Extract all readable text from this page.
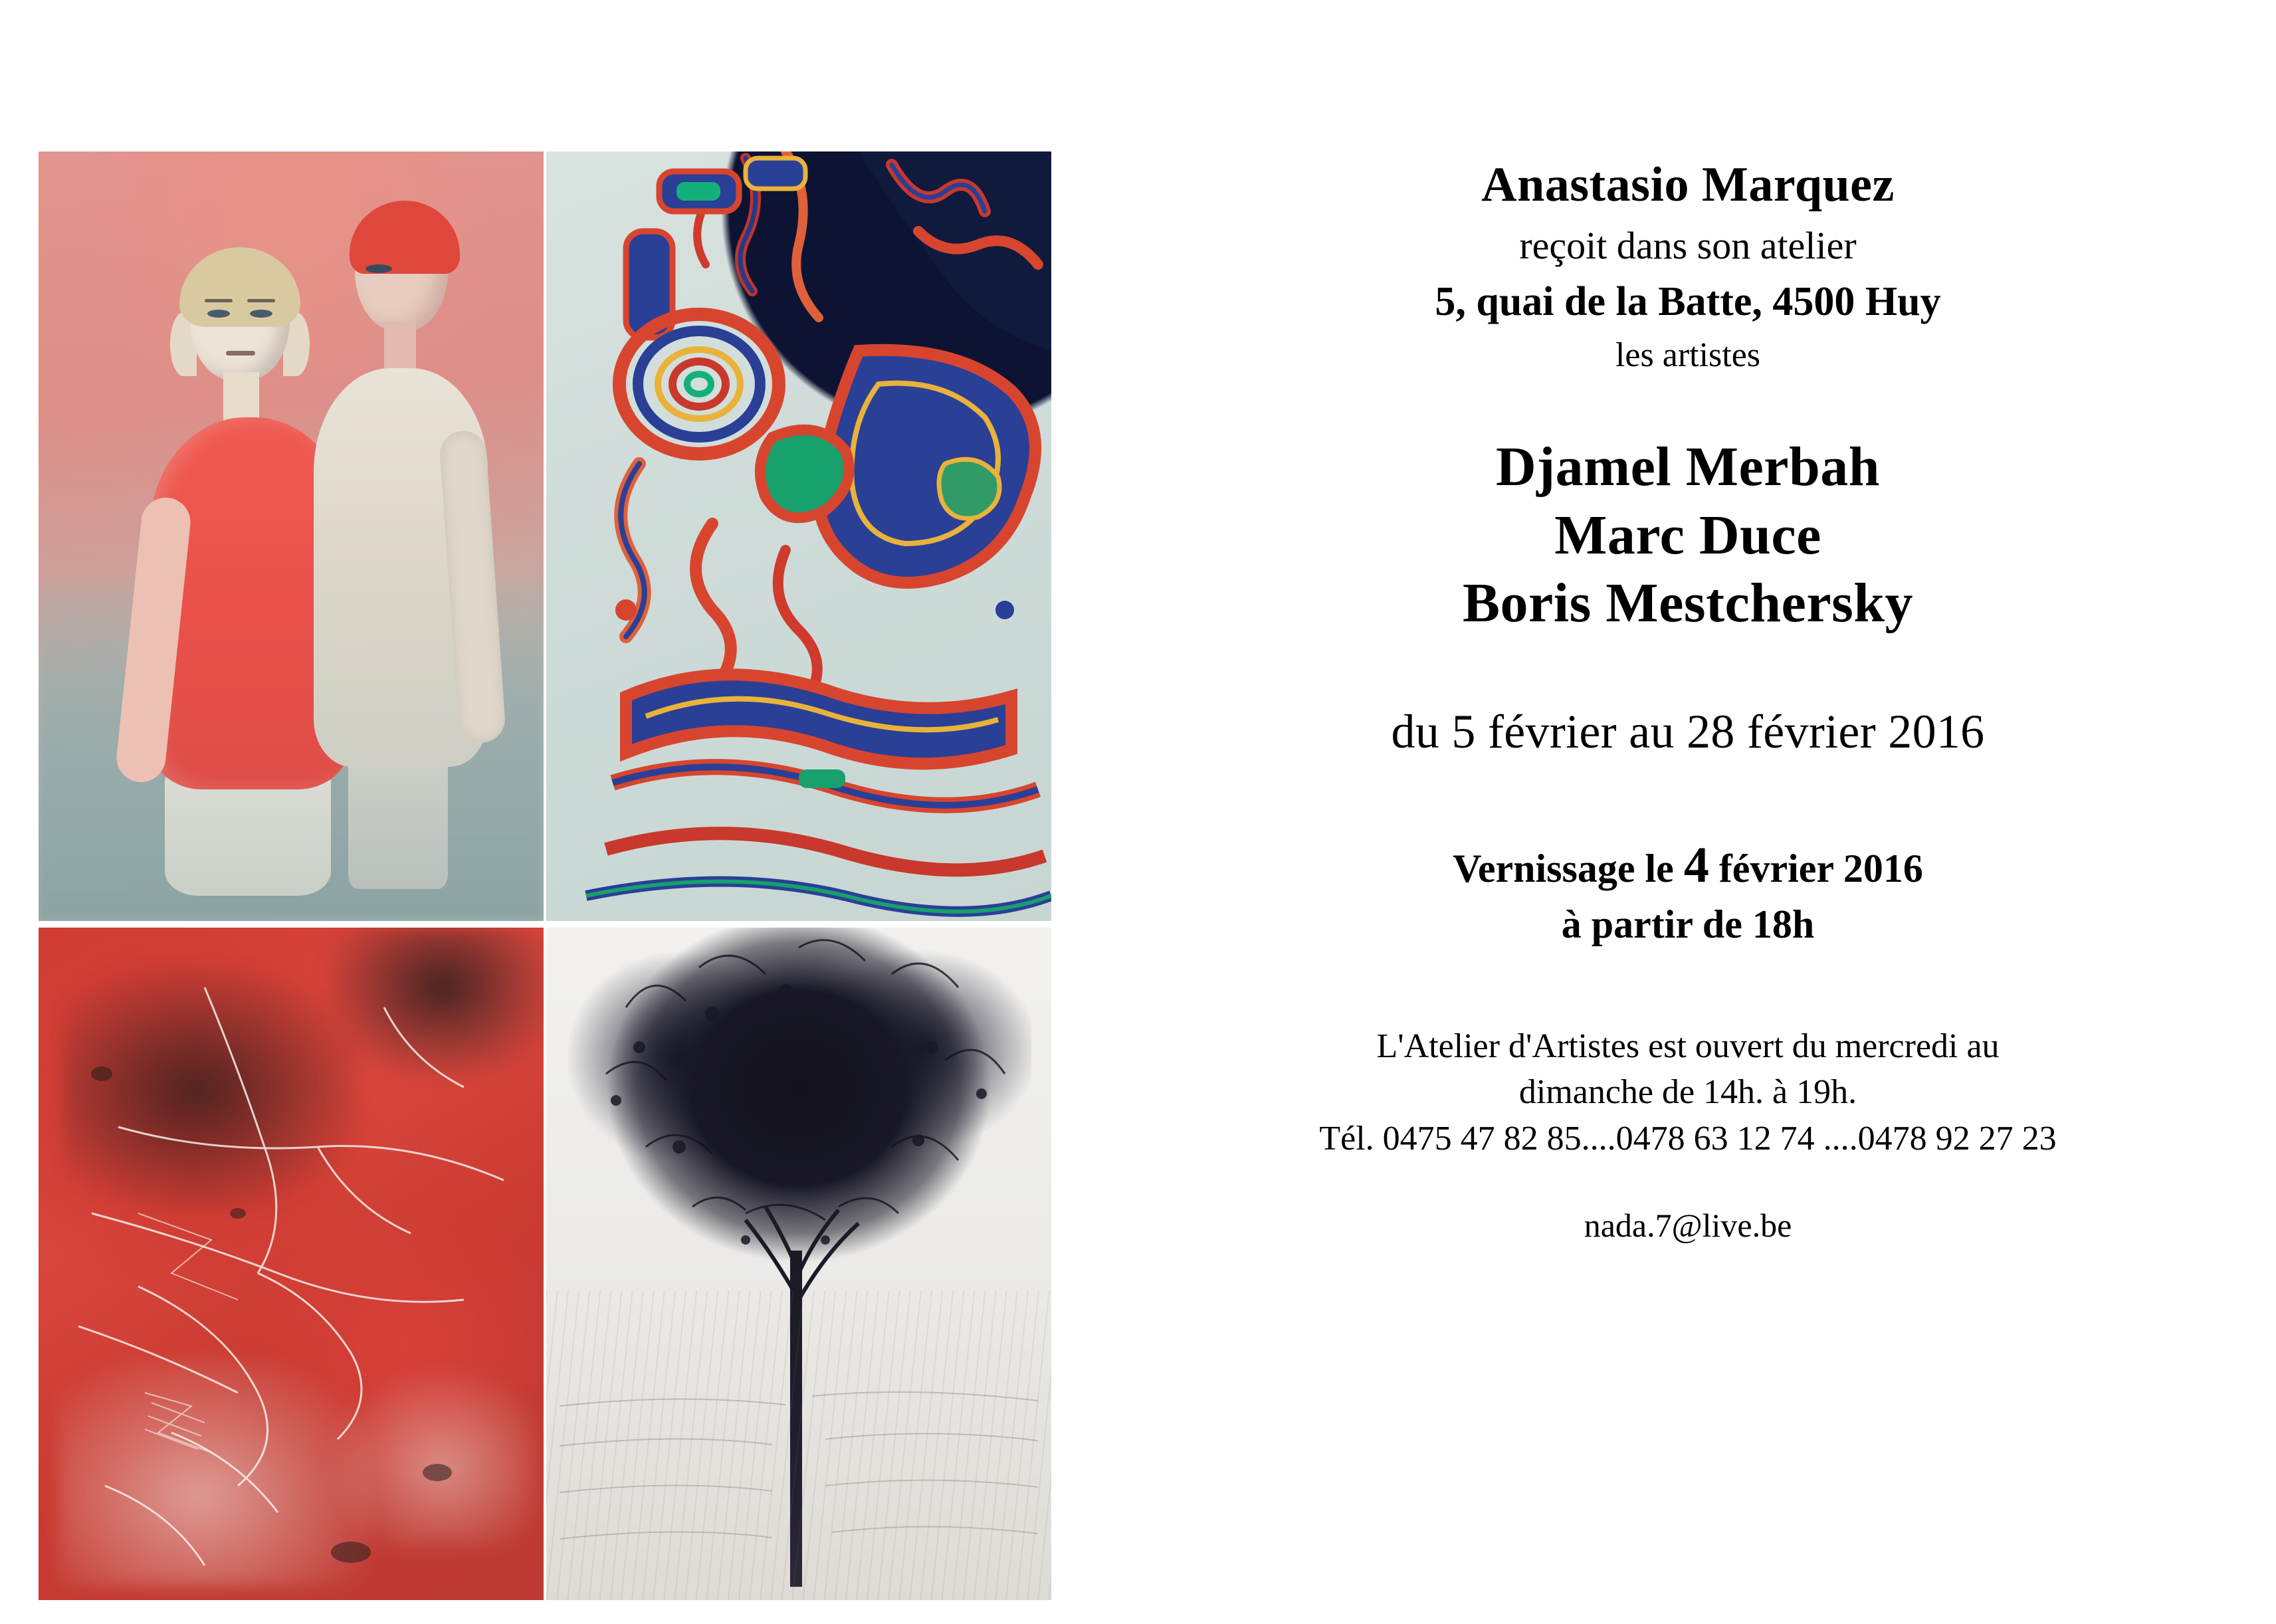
Anastasio Marquez
reçoit dans son atelier
5, quai de la Batte, 4500 Huy
les artistes
Djamel Merbah
Marc Duce
Boris Mestchersky
du 5 février au 28 février 2016
Vernissage le 4 février 2016
à partir de 18h
L'Atelier d'Artistes est ouvert du mercredi au
dimanche de 14h. à 19h.
Tél. 0475 47 82 85....0478 63 12 74 ....0478 92 27 23
nada.7@live.be
